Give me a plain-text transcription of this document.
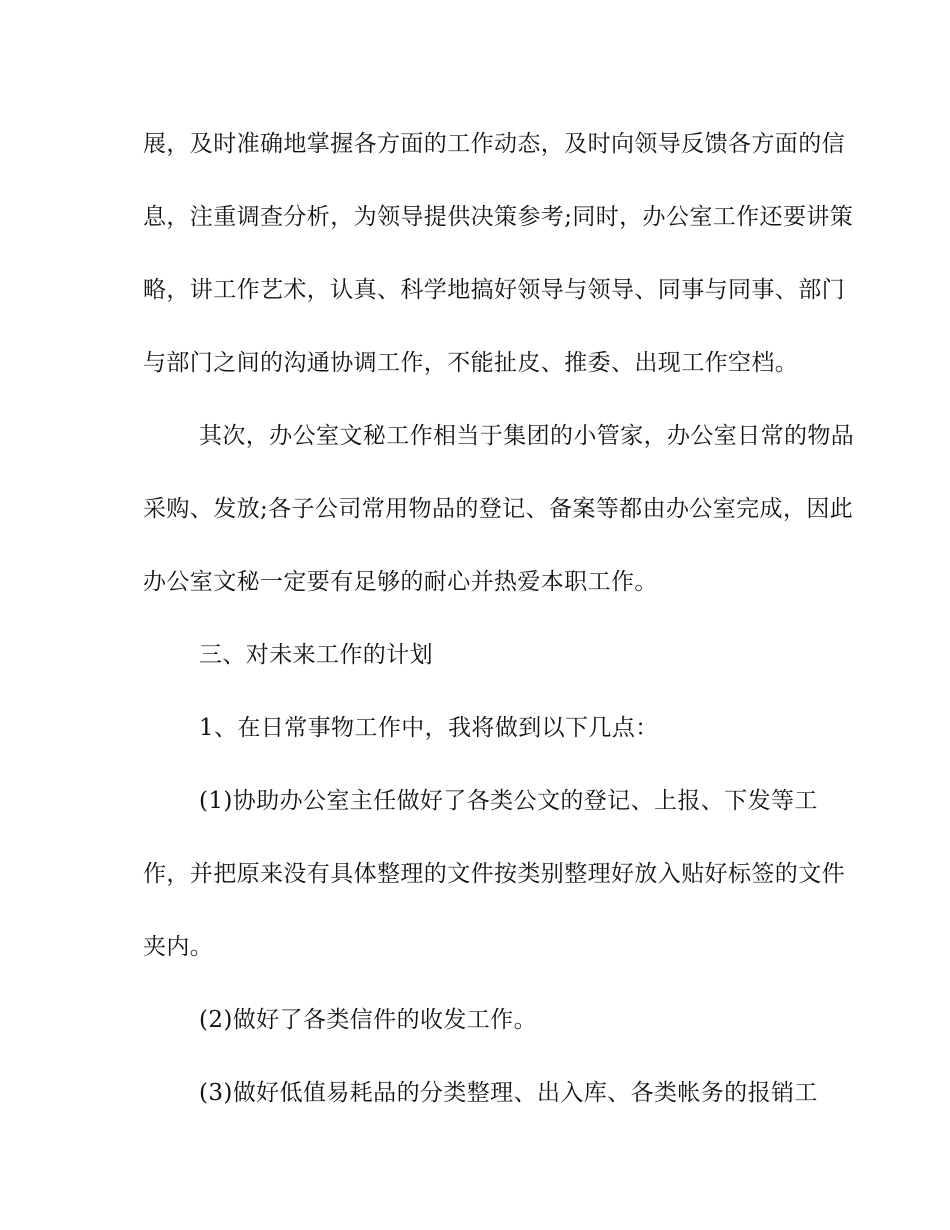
展，及时准确地掌握各方面的工作动态，及时向领导反馈各方面的信
息，注重调查分析，为领导提供决策参考;同时，办公室工作还要讲策
略，讲工作艺术，认真、科学地搞好领导与领导、同事与同事、部门
与部门之间的沟通协调工作，不能扯皮、推委、出现工作空档。
其次，办公室文秘工作相当于集团的小管家，办公室日常的物品
采购、发放;各子公司常用物品的登记、备案等都由办公室完成，因此
办公室文秘一定要有足够的耐心并热爱本职工作。
三、对未来工作的计划
1、在日常事物工作中，我将做到以下几点：
(1)协助办公室主任做好了各类公文的登记、上报、下发等工
作，并把原来没有具体整理的文件按类别整理好放入贴好标签的文件
夹内。
(2)做好了各类信件的收发工作。
(3)做好低值易耗品的分类整理、出入库、各类帐务的报销工
